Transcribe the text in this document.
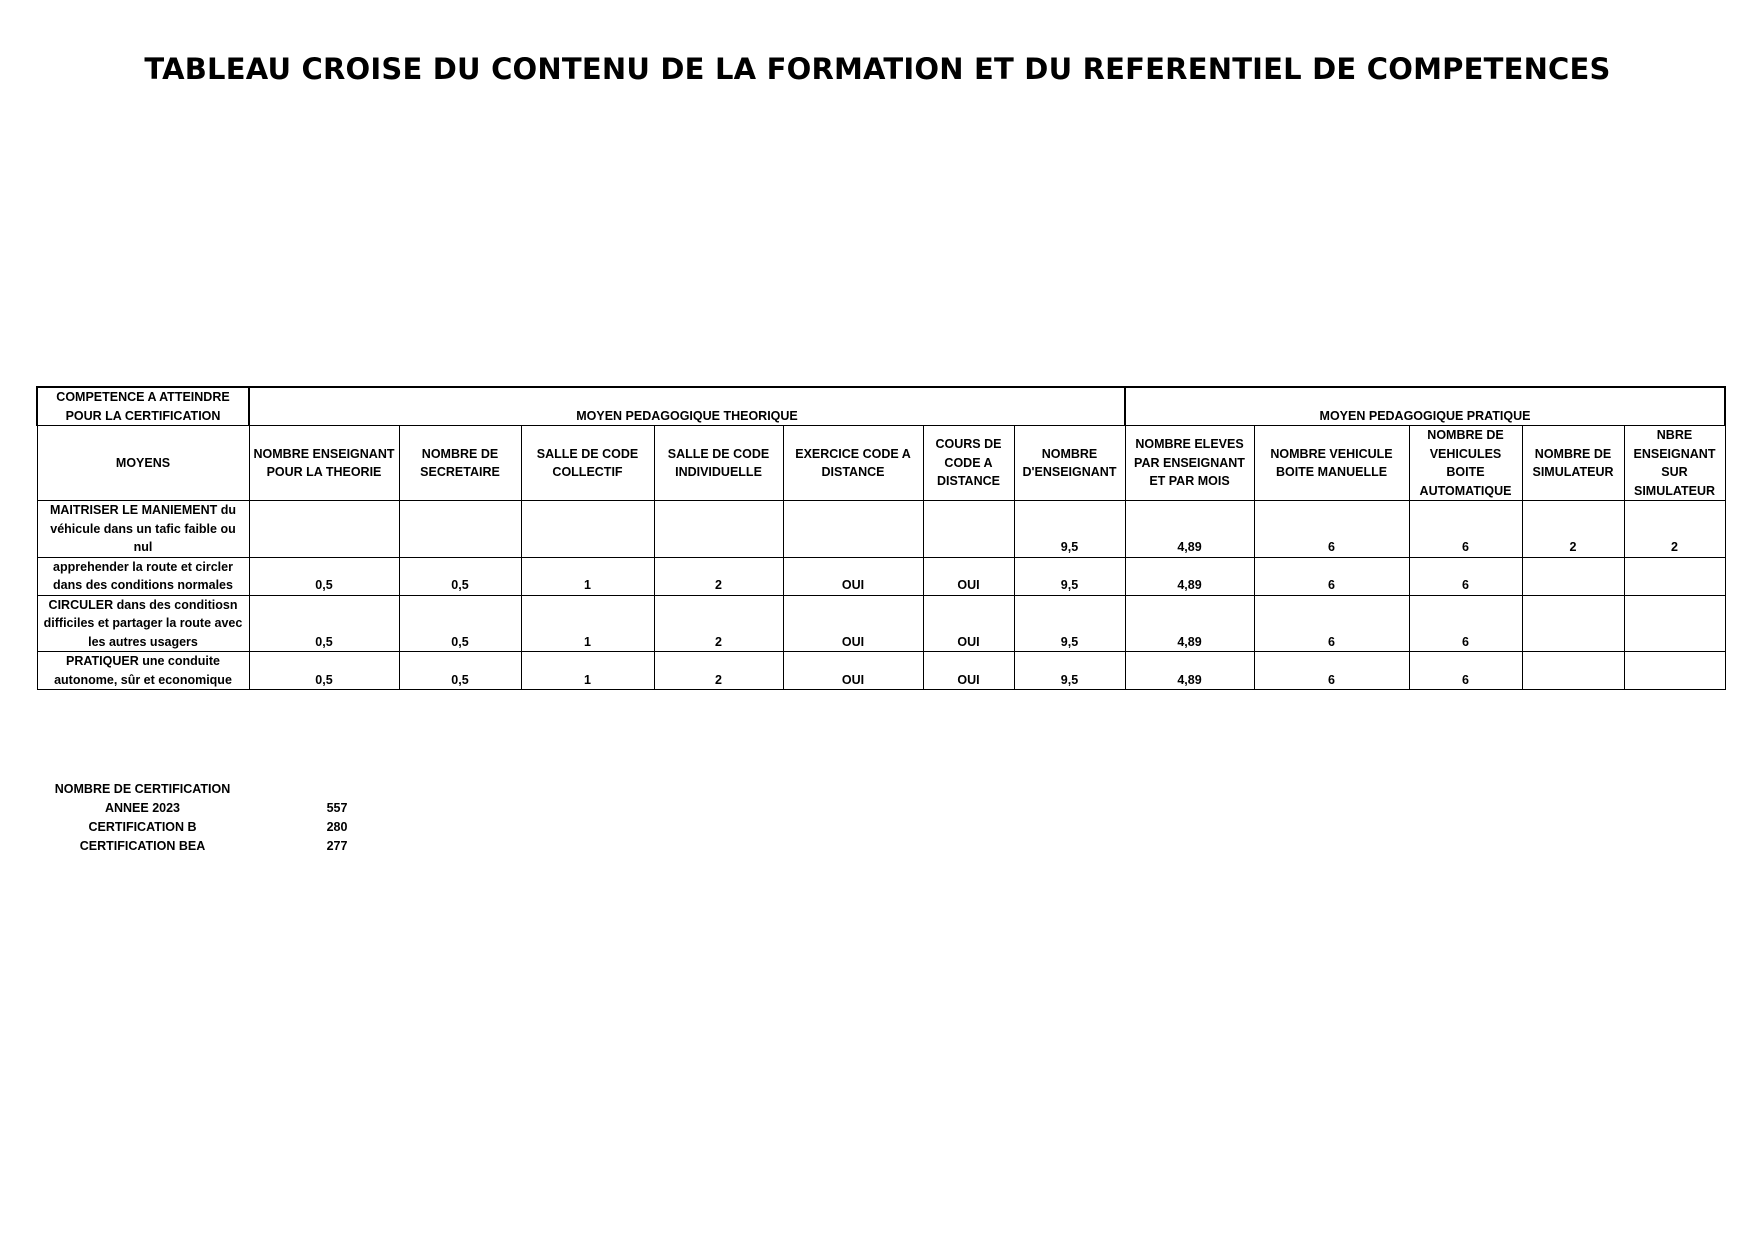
TABLEAU CROISE DU CONTENU DE LA FORMATION ET DU REFERENTIEL DE COMPETENCES
COMPETENCE A ATTEINDRE POUR LA CERTIFICATION	MOYEN PEDAGOGIQUE THEORIQUE							MOYEN PEDAGOGIQUE PRATIQUE				
MOYENS	NOMBRE ENSEIGNANT POUR LA THEORIE	NOMBRE DE SECRETAIRE	SALLE DE CODE COLLECTIF	SALLE DE CODE INDIVIDUELLE	EXERCICE CODE A DISTANCE	COURS DE CODE A DISTANCE	NOMBRE D'ENSEIGNANT	NOMBRE ELEVES PAR ENSEIGNANT ET PAR MOIS	NOMBRE VEHICULE BOITE MANUELLE	NOMBRE DE VEHICULES BOITE AUTOMATIQUE	NOMBRE DE SIMULATEUR	NBRE ENSEIGNANT SUR SIMULATEUR
MAITRISER LE MANIEMENT du véhicule dans un tafic faible ou nul							9,5	4,89	6	6	2	2
apprehender la route et circler dans des conditions normales	0,5	0,5	1	2	OUI	OUI	9,5	4,89	6	6		
CIRCULER dans des conditiosn difficiles et partager la route avec les autres usagers	0,5	0,5	1	2	OUI	OUI	9,5	4,89	6	6		
PRATIQUER une conduite autonome, sûr et economique	0,5	0,5	1	2	OUI	OUI	9,5	4,89	6	6		
NOMBRE DE CERTIFICATION
ANNEE 2023	557
CERTIFICATION B	280
CERTIFICATION BEA	277
